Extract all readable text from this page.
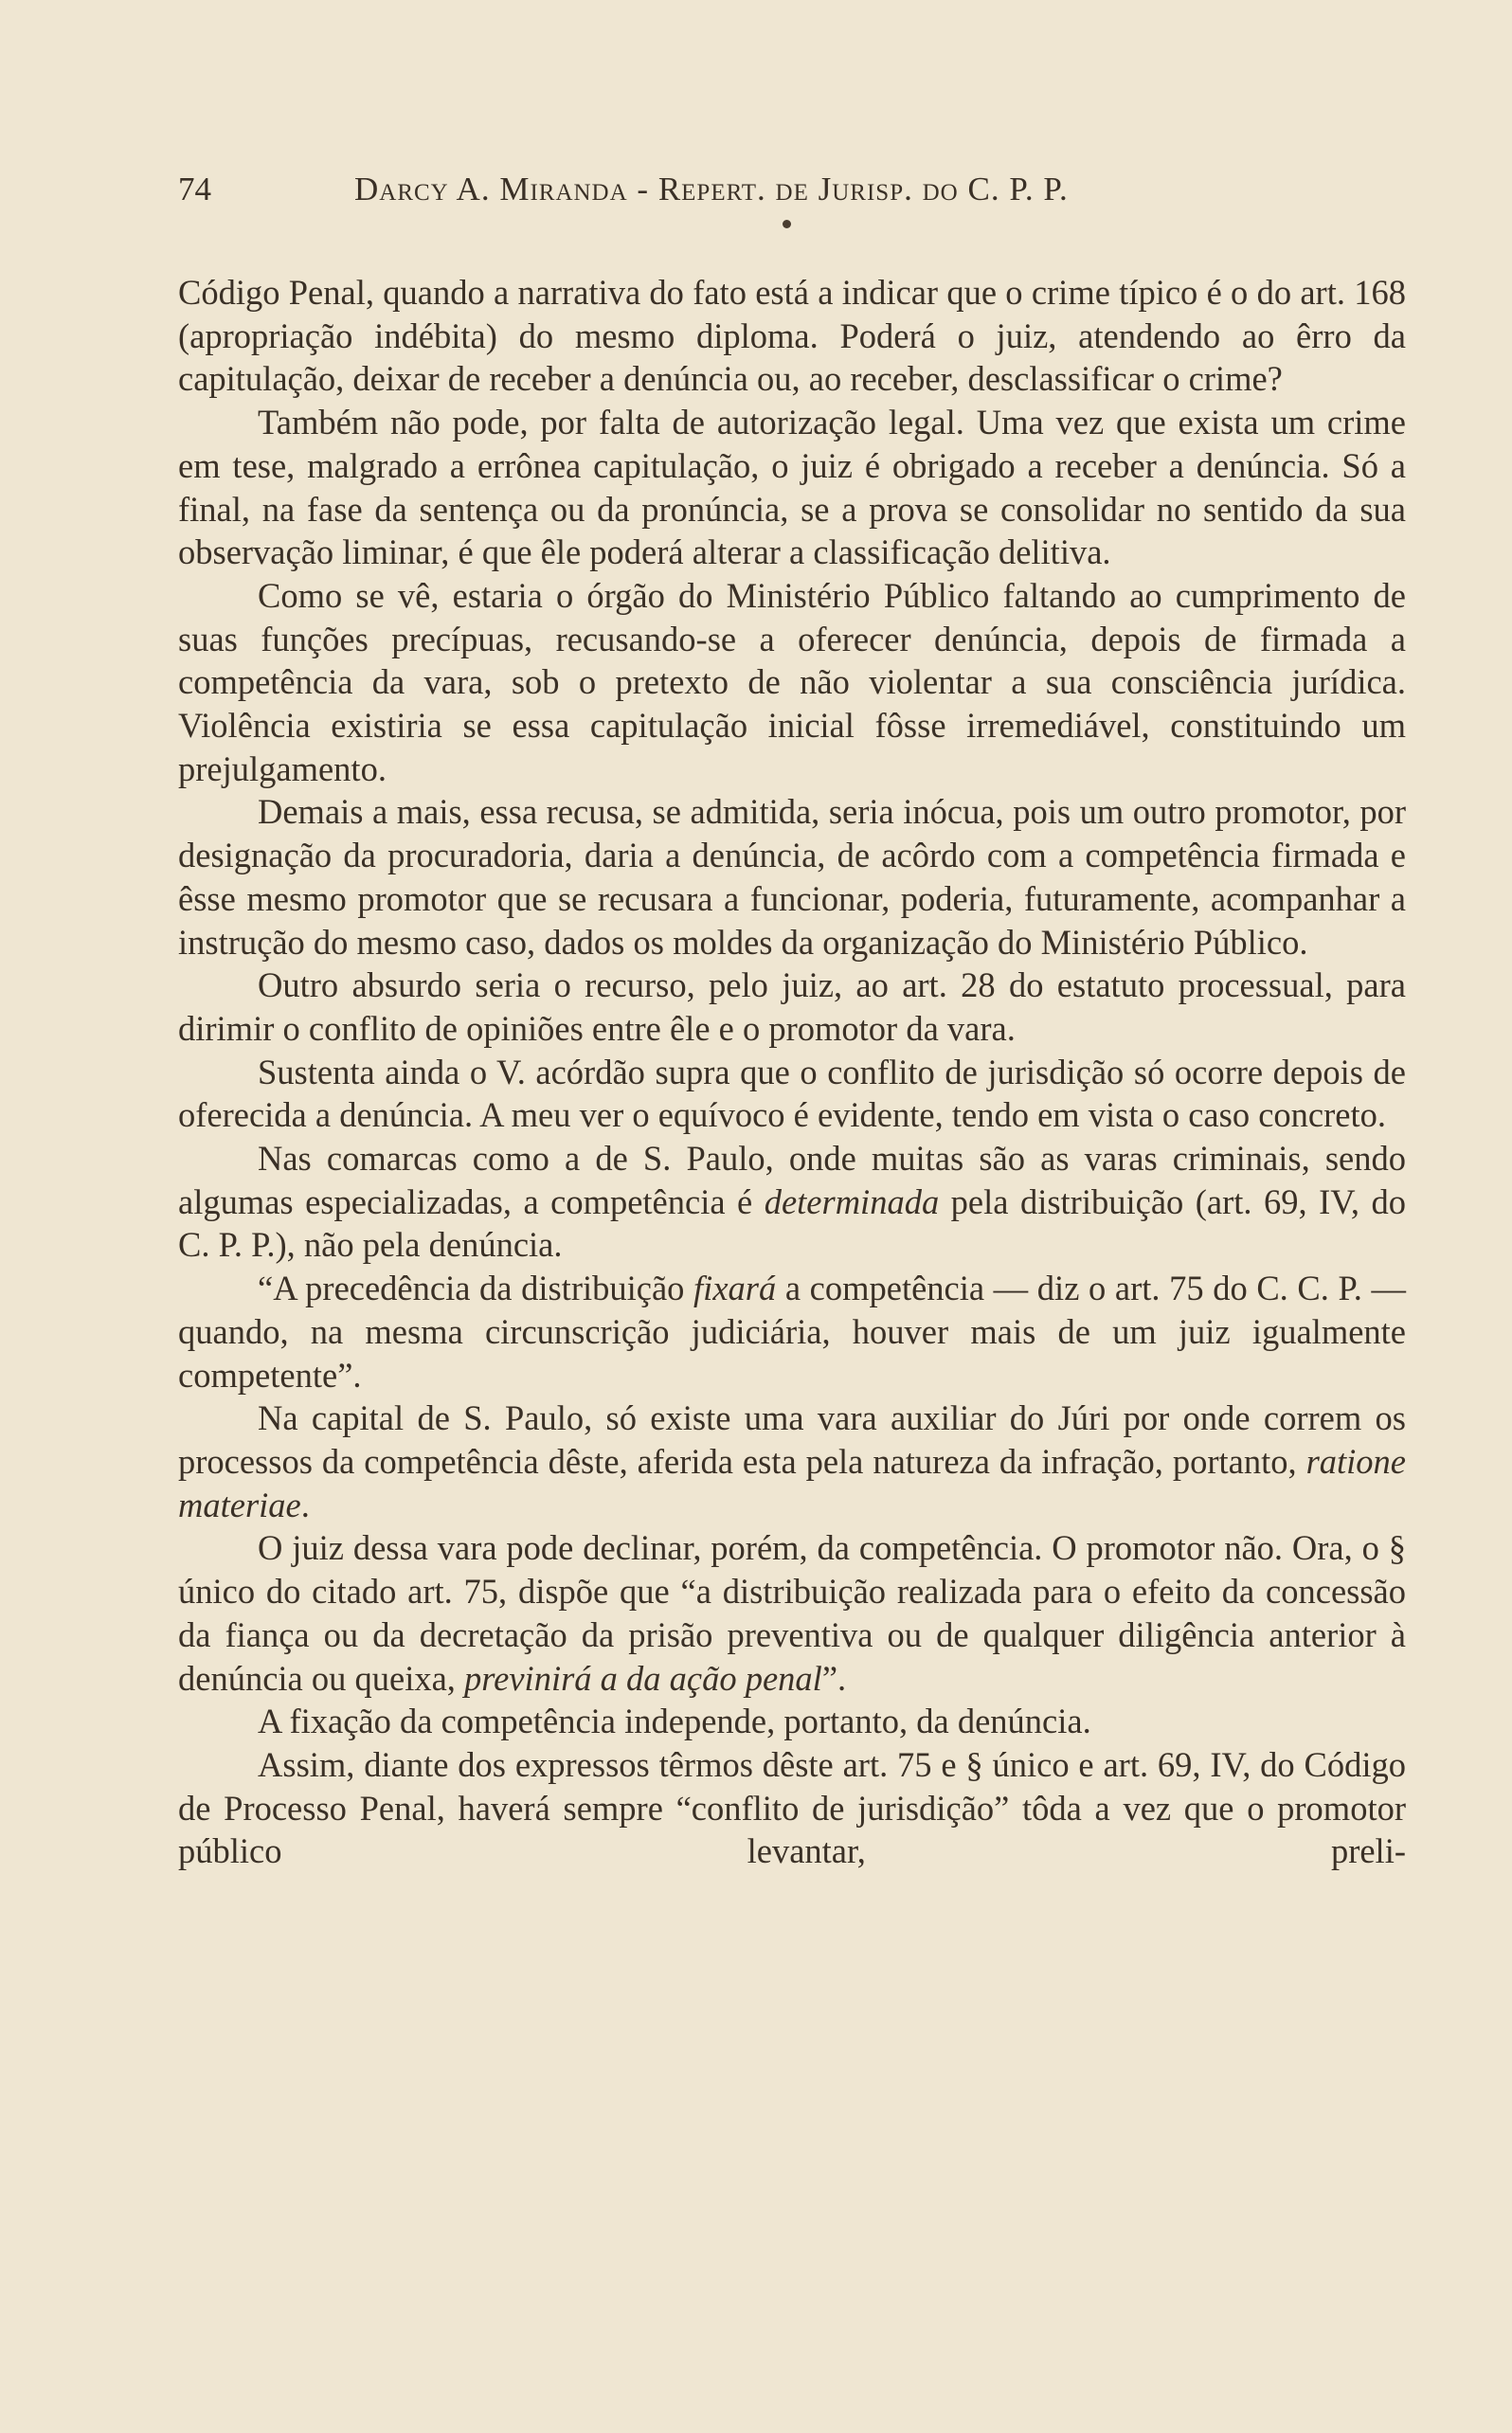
74	Darcy A. Miranda - Repert. de Jurisp. do C. P. P.

Código Penal, quando a narrativa do fato está a indicar que o crime típico é o do art. 168 (apropriação indébita) do mesmo diploma. Poderá o juiz, atendendo ao êrro da capitulação, deixar de receber a denúncia ou, ao receber, desclassificar o crime?

Também não pode, por falta de autorização legal. Uma vez que exista um crime em tese, malgrado a errônea capitulação, o juiz é obrigado a receber a denúncia. Só a final, na fase da sentença ou da pronúncia, se a prova se consolidar no sentido da sua observação liminar, é que êle poderá alterar a classificação delitiva.

Como se vê, estaria o órgão do Ministério Público faltando ao cumprimento de suas funções precípuas, recusando-se a oferecer denúncia, depois de firmada a competência da vara, sob o pretexto de não violentar a sua consciência jurídica. Violência existiria se essa capitulação inicial fôsse irremediável, constituindo um prejulgamento.

Demais a mais, essa recusa, se admitida, seria inócua, pois um outro promotor, por designação da procuradoria, daria a denúncia, de acôrdo com a competência firmada e êsse mesmo promotor que se recusara a funcionar, poderia, futuramente, acompanhar a instrução do mesmo caso, dados os moldes da organização do Ministério Público.

Outro absurdo seria o recurso, pelo juiz, ao art. 28 do estatuto processual, para dirimir o conflito de opiniões entre êle e o promotor da vara.

Sustenta ainda o V. acórdão supra que o conflito de jurisdição só ocorre depois de oferecida a denúncia. A meu ver o equívoco é evidente, tendo em vista o caso concreto.

Nas comarcas como a de S. Paulo, onde muitas são as varas criminais, sendo algumas especializadas, a competência é determinada pela distribuição (art. 69, IV, do C. P. P.), não pela denúncia.

“A precedência da distribuição fixará a competência — diz o art. 75 do C. C. P. — quando, na mesma circunscrição judiciária, houver mais de um juiz igualmente competente”.

Na capital de S. Paulo, só existe uma vara auxiliar do Júri por onde correm os processos da competência dêste, aferida esta pela natureza da infração, portanto, ratione materiae.

O juiz dessa vara pode declinar, porém, da competência. O promotor não. Ora, o § único do citado art. 75, dispõe que “a distribuição realizada para o efeito da concessão da fiança ou da decretação da prisão preventiva ou de qualquer diligência anterior à denúncia ou queixa, previnirá a da ação penal”.

A fixação da competência independe, portanto, da denúncia.

Assim, diante dos expressos têrmos dêste art. 75 e § único e art. 69, IV, do Código de Processo Penal, haverá sempre “conflito de jurisdição” tôda a vez que o promotor público levantar, preli-
